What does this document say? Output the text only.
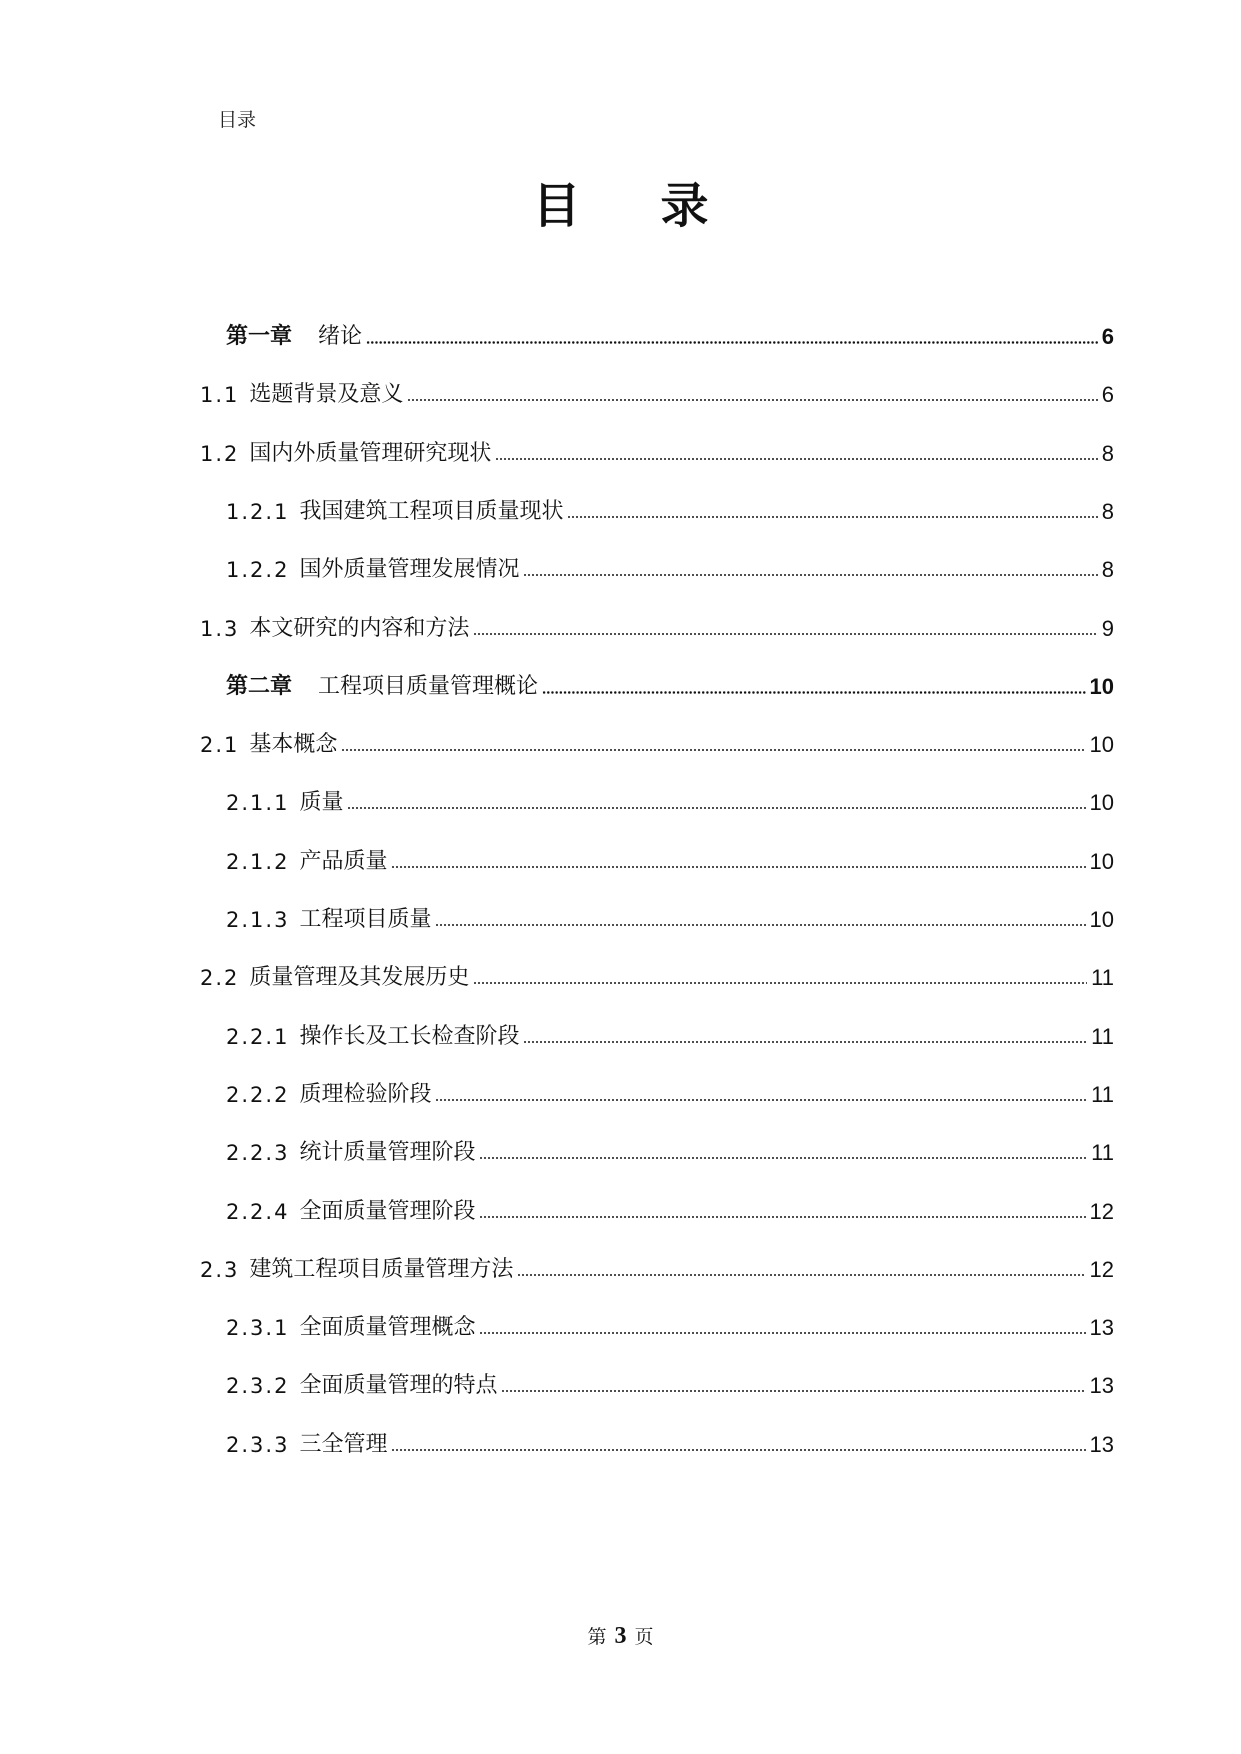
目录
目 录
第一章 绪论	6
1.1 选题背景及意义	6
1.2 国内外质量管理研究现状	8
1.2.1 我国建筑工程项目质量现状	8
1.2.2 国外质量管理发展情况	8
1.3 本文研究的内容和方法	9
第二章 工程项目质量管理概论	10
2.1 基本概念	10
2.1.1 质量	10
2.1.2 产品质量	10
2.1.3 工程项目质量	10
2.2 质量管理及其发展历史	11
2.2.1 操作长及工长检查阶段	11
2.2.2 质理检验阶段	11
2.2.3 统计质量管理阶段	11
2.2.4 全面质量管理阶段	12
2.3 建筑工程项目质量管理方法	12
2.3.1 全面质量管理概念	13
2.3.2 全面质量管理的特点	13
2.3.3 三全管理	13
第 3 页
